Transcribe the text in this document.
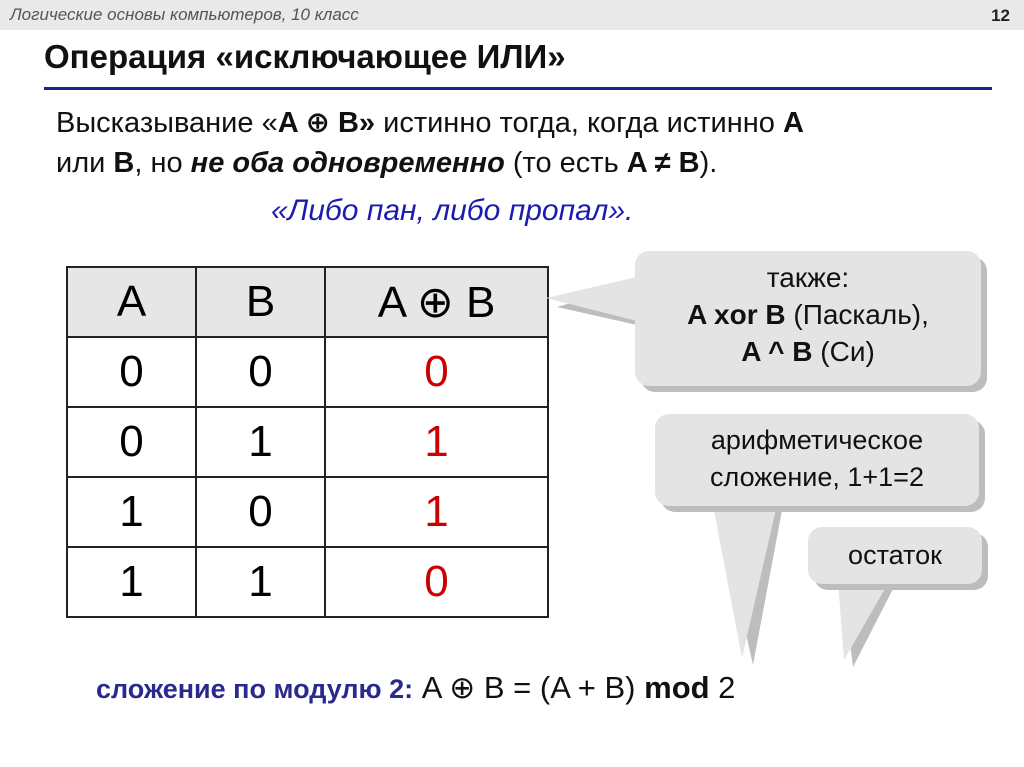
Логические основы компьютеров, 10 класс	12
Операция «исключающее ИЛИ»
Высказывание «A ⊕ B» истинно тогда, когда истинно A
или B, но не оба одновременно (то есть A ≠ B).
«Либо пан, либо пропал».
A	B	A ⊕ B
0	0	0
0	1	1
1	0	1
1	1	0
также:
A xor B (Паскаль),
A ^ B (Си)
арифметическое
сложение, 1+1=2
остаток
сложение по модулю 2: A ⊕ B = (A + B) mod 2
